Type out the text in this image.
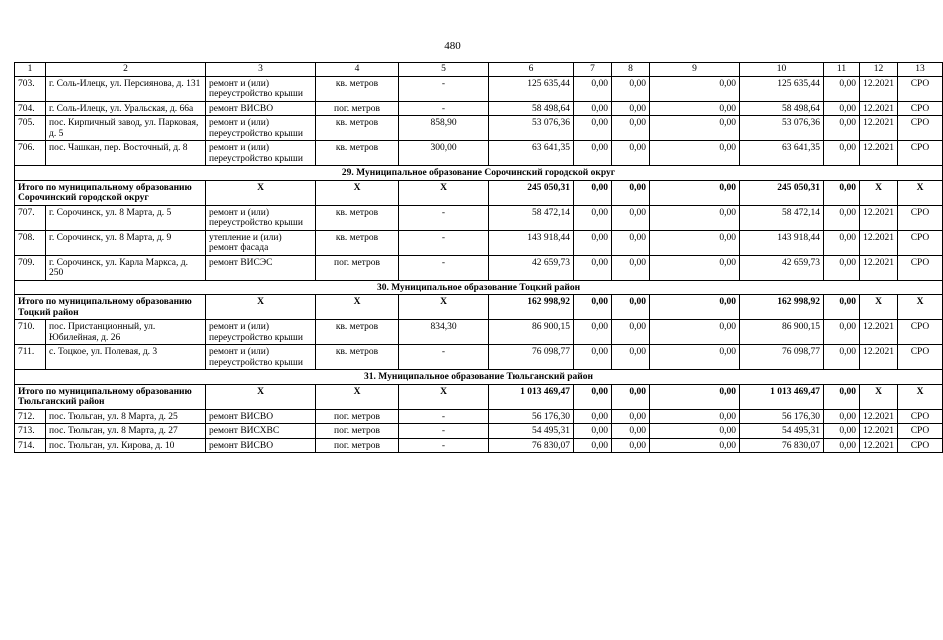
480
1	2	3	4	5	6	7	8	9	10	11	12	13
703.	г. Соль-Илецк, ул. Персиянова, д. 131	ремонт и (или) переустройство крыши	кв. метров	-	125 635,44	0,00	0,00	0,00	125 635,44	0,00	12.2021	СРО
704.	г. Соль-Илецк, ул. Уральская, д. 66а	ремонт ВИСВО	пог. метров	-	58 498,64	0,00	0,00	0,00	58 498,64	0,00	12.2021	СРО
705.	пос. Кирпичный завод, ул. Парковая, д. 5	ремонт и (или) переустройство крыши	кв. метров	858,90	53 076,36	0,00	0,00	0,00	53 076,36	0,00	12.2021	СРО
706.	пос. Чашкан, пер. Восточный, д. 8	ремонт и (или) переустройство крыши	кв. метров	300,00	63 641,35	0,00	0,00	0,00	63 641,35	0,00	12.2021	СРО
29. Муниципальное образование Сорочинский городской округ												
Итого по муниципальному образованию Сорочинский городской округ		Х	Х	Х	245 050,31	0,00	0,00	0,00	245 050,31	0,00	Х	Х
707.	г. Сорочинск, ул. 8 Марта, д. 5	ремонт и (или) переустройство крыши	кв. метров	-	58 472,14	0,00	0,00	0,00	58 472,14	0,00	12.2021	СРО
708.	г. Сорочинск, ул. 8 Марта, д. 9	утепление и (или) ремонт фасада	кв. метров	-	143 918,44	0,00	0,00	0,00	143 918,44	0,00	12.2021	СРО
709.	г. Сорочинск, ул. Карла Маркса, д. 250	ремонт ВИСЭС	пог. метров	-	42 659,73	0,00	0,00	0,00	42 659,73	0,00	12.2021	СРО
30. Муниципальное образование Тоцкий район												
Итого по муниципальному образованию Тоцкий район		Х	Х	Х	162 998,92	0,00	0,00	0,00	162 998,92	0,00	Х	Х
710.	пос. Пристанционный, ул. Юбилейная, д. 26	ремонт и (или) переустройство крыши	кв. метров	834,30	86 900,15	0,00	0,00	0,00	86 900,15	0,00	12.2021	СРО
711.	с. Тоцкое, ул. Полевая, д. 3	ремонт и (или) переустройство крыши	кв. метров	-	76 098,77	0,00	0,00	0,00	76 098,77	0,00	12.2021	СРО
31. Муниципальное образование Тюльганский район												
Итого по муниципальному образованию Тюльганский район		Х	Х	Х	1 013 469,47	0,00	0,00	0,00	1 013 469,47	0,00	Х	Х
712.	пос. Тюльган, ул. 8 Марта, д. 25	ремонт ВИСВО	пог. метров	-	56 176,30	0,00	0,00	0,00	56 176,30	0,00	12.2021	СРО
713.	пос. Тюльган, ул. 8 Марта, д. 27	ремонт ВИСХВС	пог. метров	-	54 495,31	0,00	0,00	0,00	54 495,31	0,00	12.2021	СРО
714.	пос. Тюльган, ул. Кирова, д. 10	ремонт ВИСВО	пог. метров	-	76 830,07	0,00	0,00	0,00	76 830,07	0,00	12.2021	СРО
